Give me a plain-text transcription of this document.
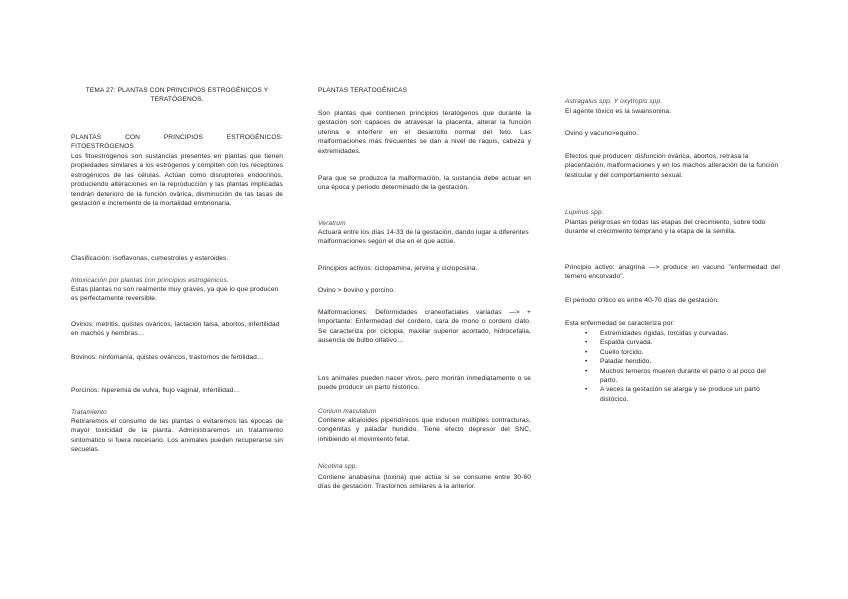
TEMA 27: PLANTAS CON PRINCIPIOS ESTROGÉNICOS Y TERATÓGENOS.

PLANTAS	CON	PRINCIPIOS	ESTROGÉNICOS:

FITOESTRÓGENOS

Los fitoestrógenos son sustancias presentes en plantas que tienen propiedades similares a los estrógenos y compiten con los receptores estrogénicos de las células. Actúan como disruptores endocrinos, produciendo alteraciones en la reproducción y las plantas implicadas tendrán deterioro de la función ovárica, disminución de las tasas de gestación e incremento de la mortalidad embrionaria.

Clasificación: isoflavonas, cumestroles y esteroides.

Intoxicación por plantas con principios estrogénicos.

Estas plantas no son realmente muy graves, ya que lo que producen es perfectamente reversible.

Ovinos: metritis, quistes ováricos, lactación falsa, abortos, infertilidad en machos y hembras…

Bovinos: ninfomanía, quistes ováricos, trastornos de fertilidad…

Porcinos: hiperemia de vulva, flujo vaginal, infertilidad…

Tratamiento

Retiraremos el consumo de las plantas o evitaremos las épocas de mayor toxicidad de la planta. Administraremos un tratamiento sintomático si fuera necesario. Los animales pueden recuperarse sin secuelas.

PLANTAS TERATOGÉNICAS

Son plantas que contienen principios teratógenos que durante la gestación son capaces de atravesar la placenta, alterar la función uterina e interferir en el desarrollo normal del feto. Las malformaciones más frecuentes se dan a nivel de raquis, cabeza y extremidades.

Para que se produzca la malformación, la sustancia debe actuar en una época y periodo determinado de la gestación.

Veratrum

Actuará entre los días 14-33 de la gestación, dando lugar a diferentes malformaciones según el día en el que actúe.

Principios activos: ciclopamina, jervina y cicloposina.

Ovino > bovino y porcino.

Malformaciones: Deformidades craneofaciales variadas —> + Importante: Enfermedad del cordero, cara de mono o cordero clato. Se caracteriza por ciclopia, maxilar superior acortado, hidrocefalia, ausencia de bulbo olfativo…

Los animales pueden nacer vivos, pero morirán inmediatamente o se puede producir un parto histórico.

Conium maculatum

Contiene alcaloides piperidínicos que inducen múltiples contracturas, congénitas y paladar hundido. Tiene efecto depresor del SNC, inhibiendo el movimiento fetal.

Nicotina spp.

Contiene anabasina (toxina) que actúa si se consume entre 30-60 días de gestación. Trastornos similares a la anterior.

Astragalus spp. Y oxytropis spp.

El agente tóxico es la swainsonina.

Ovino y vacuno>equino.

Efectos que producen: disfunción ovárica, abortos, retrasa la placentación, malformaciones y en los machos alteración de la función testicular y del comportamiento sexual.

Lupinus spp.

Plantas peligrosas en todas las etapas del crecimiento, sobre todo durante el crecimiento temprano y la etapa de la semilla.

Principio activo: anagrina —> produce en vacuno "enfermedad del ternero encorvado".

El periodo crítico es entre 40-70 días de gestación.

Esta enfermedad se caracteriza por:

• Extremidades rígidas, torcidas y curvadas.
• Espalda curvada.
• Cuello torcido.
• Paladar hendido.
• Muchos terneros mueren durante el parto o al poco del parto.
• A veces la gestación se alarga y se produce un parto distócico.
